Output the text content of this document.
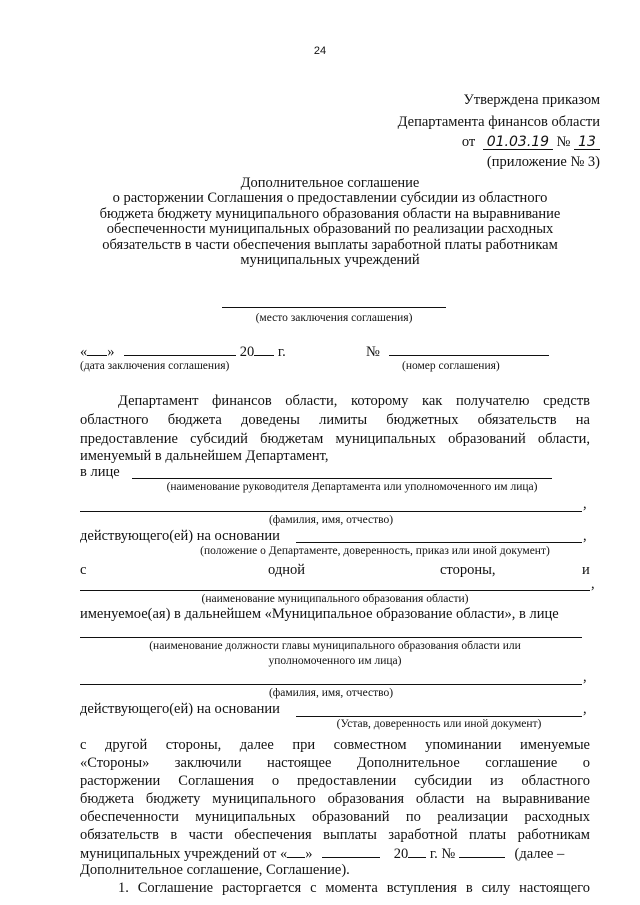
24
Утверждена приказом
Департамента финансов области
от 01.03.19 № 13
(приложение № 3)
Дополнительное соглашение
о расторжении Соглашения о предоставлении субсидии из областного
бюджета бюджету муниципального образования области на выравнивание
обеспеченности муниципальных образований по реализации расходных
обязательств в части обеспечения выплаты заработной платы работникам
муниципальных учреждений
(место заключения соглашения)
« »	20 г.	№
(дата заключения соглашения)	(номер соглашения)
Департамент финансов области, которому как получателю средств
областного бюджета доведены лимиты бюджетных обязательств на
предоставление субсидий бюджетам муниципальных образований области,
именуемый в дальнейшем Департамент,
в лице
(наименование руководителя Департамента или уполномоченного им лица)
,
(фамилия, имя, отчество)
действующего(ей) на основании	,
(положение о Департаменте, доверенность, приказ или иной документ)
с	одной	стороны,	и
,
(наименование муниципального образования области)
именуемое(ая) в дальнейшем «Муниципальное образование области», в лице
(наименование должности главы муниципального образования области или
уполномоченного им лица)
,
(фамилия, имя, отчество)
действующего(ей) на основании	,
(Устав, доверенность или иной документ)
с другой стороны, далее при совместном упоминании именуемые
«Стороны» заключили настоящее Дополнительное соглашение о
расторжении Соглашения о предоставлении субсидии из областного
бюджета бюджету муниципального образования области на выравнивание
обеспеченности муниципальных образований по реализации расходных
обязательств в части обеспечения выплаты заработной платы работникам
муниципальных учреждений от « »	20 г. №	(далее –
Дополнительное соглашение, Соглашение).
1. Соглашение расторгается с момента вступления в силу настоящего
